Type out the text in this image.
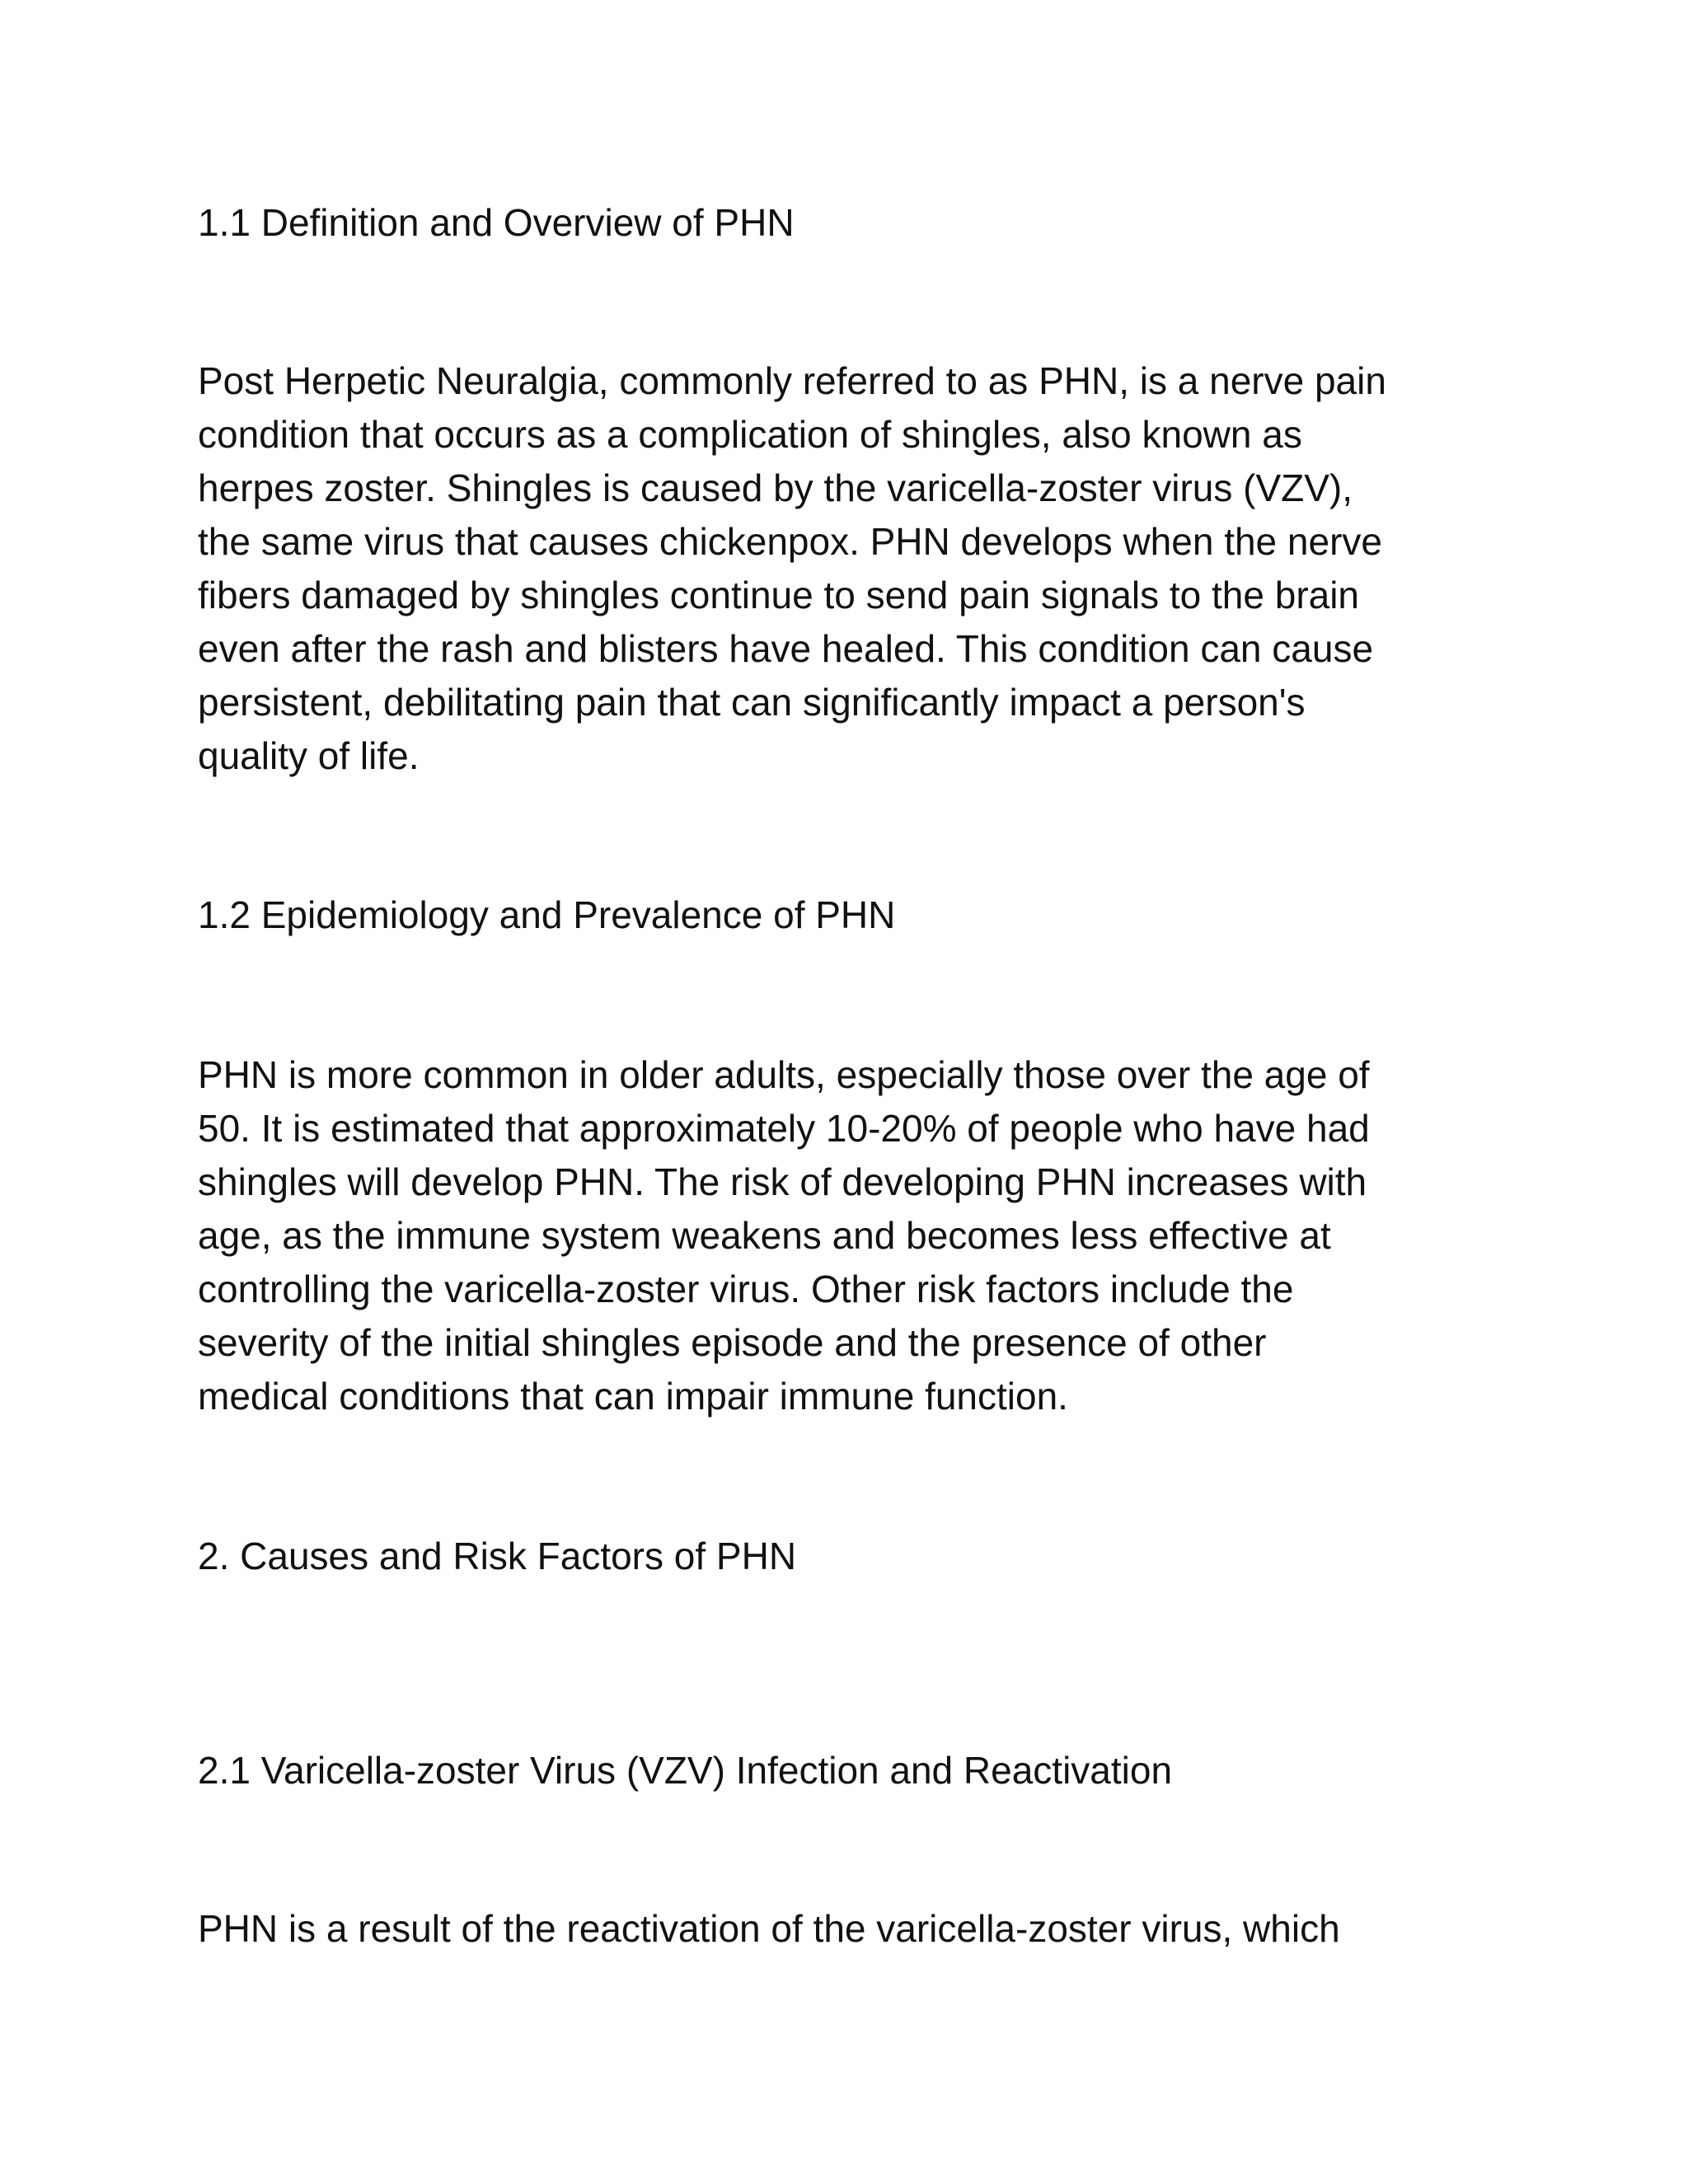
1.1 Definition and Overview of PHN

Post Herpetic Neuralgia, commonly referred to as PHN, is a nerve pain
condition that occurs as a complication of shingles, also known as
herpes zoster. Shingles is caused by the varicella-zoster virus (VZV),
the same virus that causes chickenpox. PHN develops when the nerve
fibers damaged by shingles continue to send pain signals to the brain
even after the rash and blisters have healed. This condition can cause
persistent, debilitating pain that can significantly impact a person's
quality of life.

1.2 Epidemiology and Prevalence of PHN

PHN is more common in older adults, especially those over the age of
50. It is estimated that approximately 10-20% of people who have had
shingles will develop PHN. The risk of developing PHN increases with
age, as the immune system weakens and becomes less effective at
controlling the varicella-zoster virus. Other risk factors include the
severity of the initial shingles episode and the presence of other
medical conditions that can impair immune function.

2. Causes and Risk Factors of PHN
2.1 Varicella-zoster Virus (VZV) Infection and Reactivation

PHN is a result of the reactivation of the varicella-zoster virus, which
